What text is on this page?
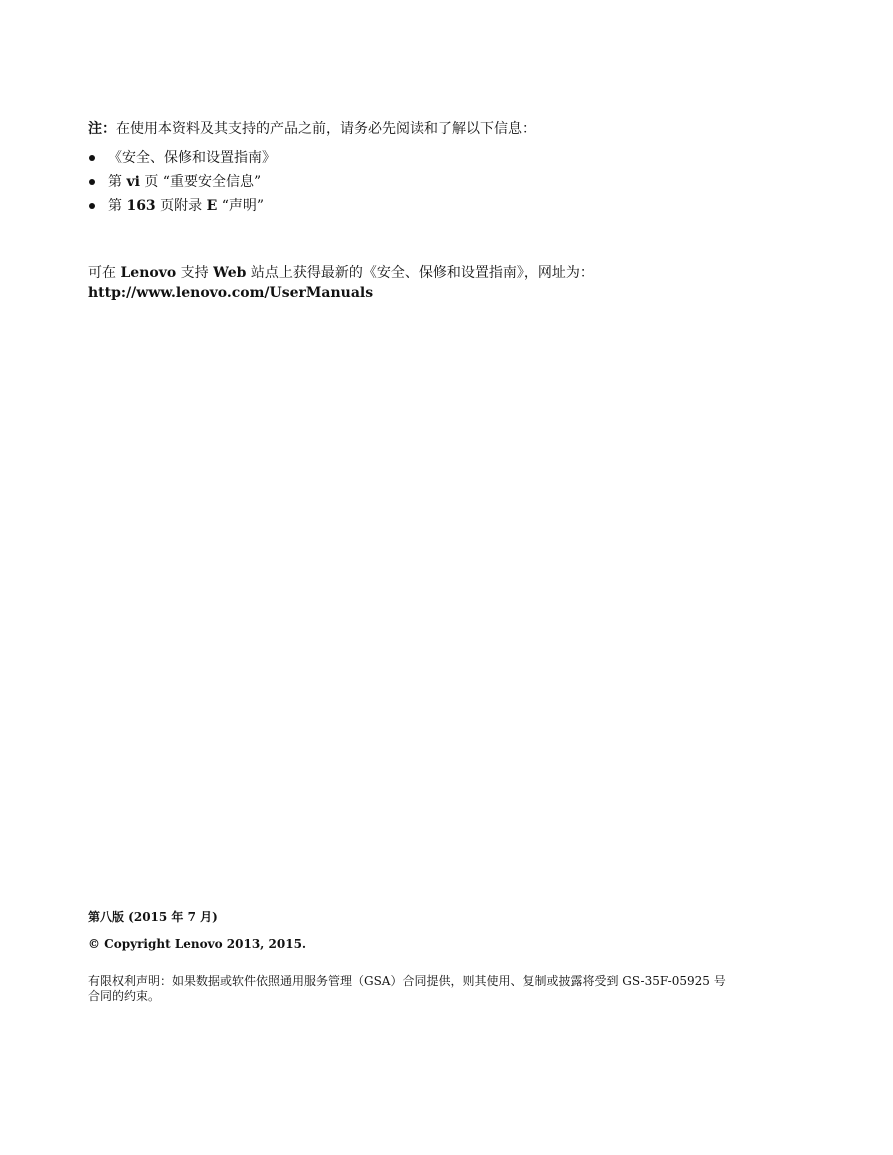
注：在使用本资料及其支持的产品之前，请务必先阅读和了解以下信息：
《安全、保修和设置指南》
第 vi 页 “重要安全信息”
第 163 页附录 E “声明”
可在 Lenovo 支持 Web 站点上获得最新的《安全、保修和设置指南》，网址为：
http://www.lenovo.com/UserManuals
第八版 (2015 年 7 月)
© Copyright Lenovo 2013, 2015.
有限权利声明：如果数据或软件依照通用服务管理（GSA）合同提供，则其使用、复制或披露将受到 GS-35F-05925 号
合同的约束。
